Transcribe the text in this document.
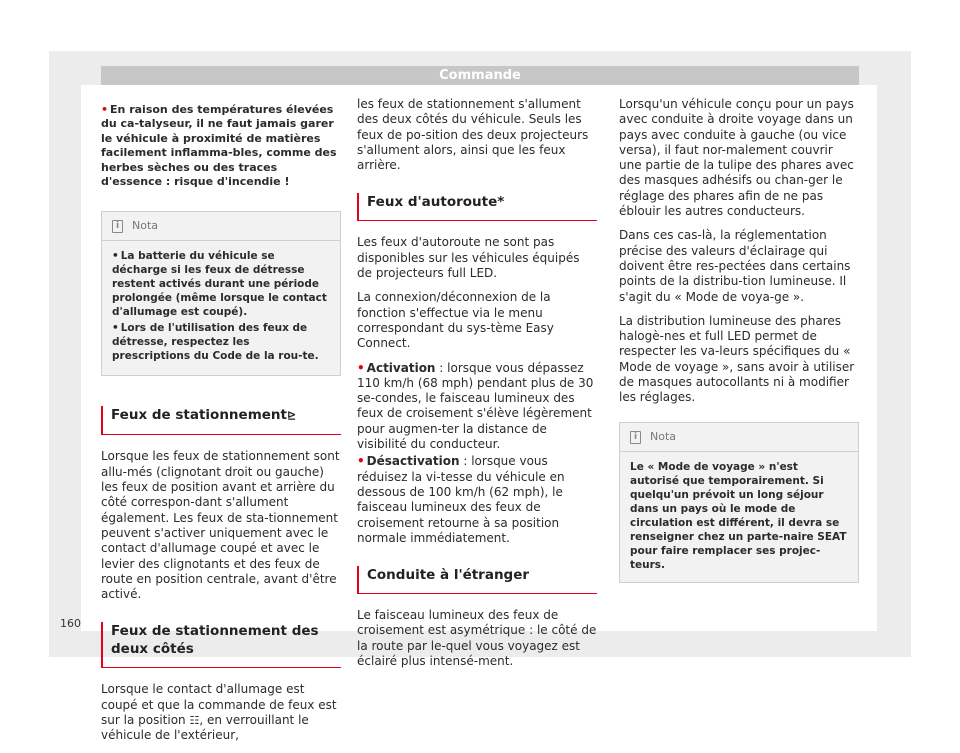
Commande

• En raison des températures élevées du ca-talyseur, il ne faut jamais garer le véhicule à proximité de matières facilement inflamma-bles, comme des herbes sèches ou des traces d'essence : risque d'incendie !

i	Nota
• La batterie du véhicule se décharge si les feux de détresse restent activés durant une période prolongée (même lorsque le contact d'allumage est coupé).
• Lors de l'utilisation des feux de détresse, respectez les prescriptions du Code de la rou-te.
Feux de stationnement⊵

Lorsque les feux de stationnement sont allu-més (clignotant droit ou gauche) les feux de position avant et arrière du côté correspon-dant s'allument également. Les feux de sta-tionnement peuvent s'activer uniquement avec le contact d'allumage coupé et avec le levier des clignotants et des feux de route en position centrale, avant d'être activé.

Feux de stationnement des deux côtés

Lorsque le contact d'allumage est coupé et que la commande de feux est sur la position ☷, en verrouillant le véhicule de l'extérieur,

les feux de stationnement s'allument des deux côtés du véhicule. Seuls les feux de po-sition des deux projecteurs s'allument alors, ainsi que les feux arrière.

Feux d'autoroute*

Les feux d'autoroute ne sont pas disponibles sur les véhicules équipés de projecteurs full LED.

La connexion/déconnexion de la fonction s'effectue via le menu correspondant du sys-tème Easy Connect.

• Activation : lorsque vous dépassez 110 km/h (68 mph) pendant plus de 30 se-condes, le faisceau lumineux des feux de croisement s'élève légèrement pour augmen-ter la distance de visibilité du conducteur.

• Désactivation : lorsque vous réduisez la vi-tesse du véhicule en dessous de 100 km/h (62 mph), le faisceau lumineux des feux de croisement retourne à sa position normale immédiatement.

Conduite à l'étranger

Le faisceau lumineux des feux de croisement est asymétrique : le côté de la route par le-quel vous voyagez est éclairé plus intensé-ment.

Lorsqu'un véhicule conçu pour un pays avec conduite à droite voyage dans un pays avec conduite à gauche (ou vice versa), il faut nor-malement couvrir une partie de la tulipe des phares avec des masques adhésifs ou chan-ger le réglage des phares afin de ne pas éblouir les autres conducteurs.

Dans ces cas-là, la réglementation précise des valeurs d'éclairage qui doivent être res-pectées dans certains points de la distribu-tion lumineuse. Il s'agit du « Mode de voya-ge ».

La distribution lumineuse des phares halogè-nes et full LED permet de respecter les va-leurs spécifiques du « Mode de voyage », sans avoir à utiliser de masques autocollants ni à modifier les réglages.

i	Nota
Le « Mode de voyage » n'est autorisé que temporairement. Si quelqu'un prévoit un long séjour dans un pays où le mode de circulation est différent, il devra se renseigner chez un parte-naire SEAT pour faire remplacer ses projec-teurs.
160
